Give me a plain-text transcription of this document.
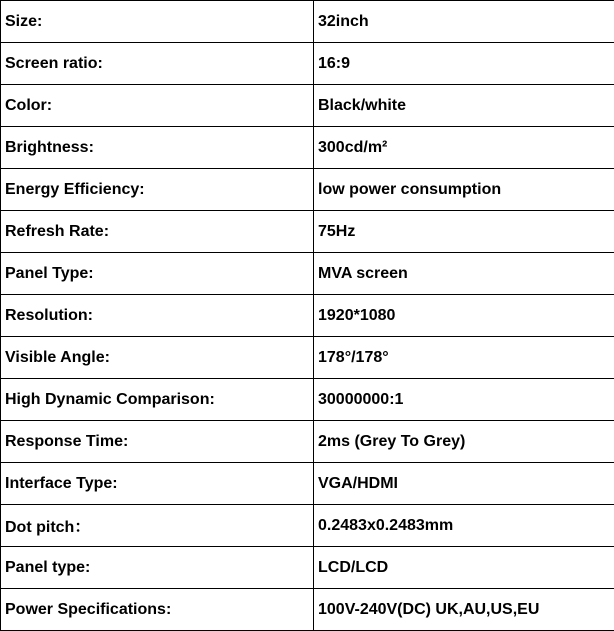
Size:	32inch
Screen ratio:	16:9
Color:	Black/white
Brightness:	300cd/m²
Energy Efficiency:	low power consumption
Refresh Rate:	75Hz
Panel Type:	MVA screen
Resolution:	1920*1080
Visible Angle:	178°/178°
High Dynamic Comparison:	30000000:1
Response Time:	2ms (Grey To Grey)
Interface Type:	VGA/HDMI
Dot pitch：	0.2483x0.2483mm
Panel type:	LCD/LCD
Power Specifications:	100V-240V(DC) UK,AU,US,EU
